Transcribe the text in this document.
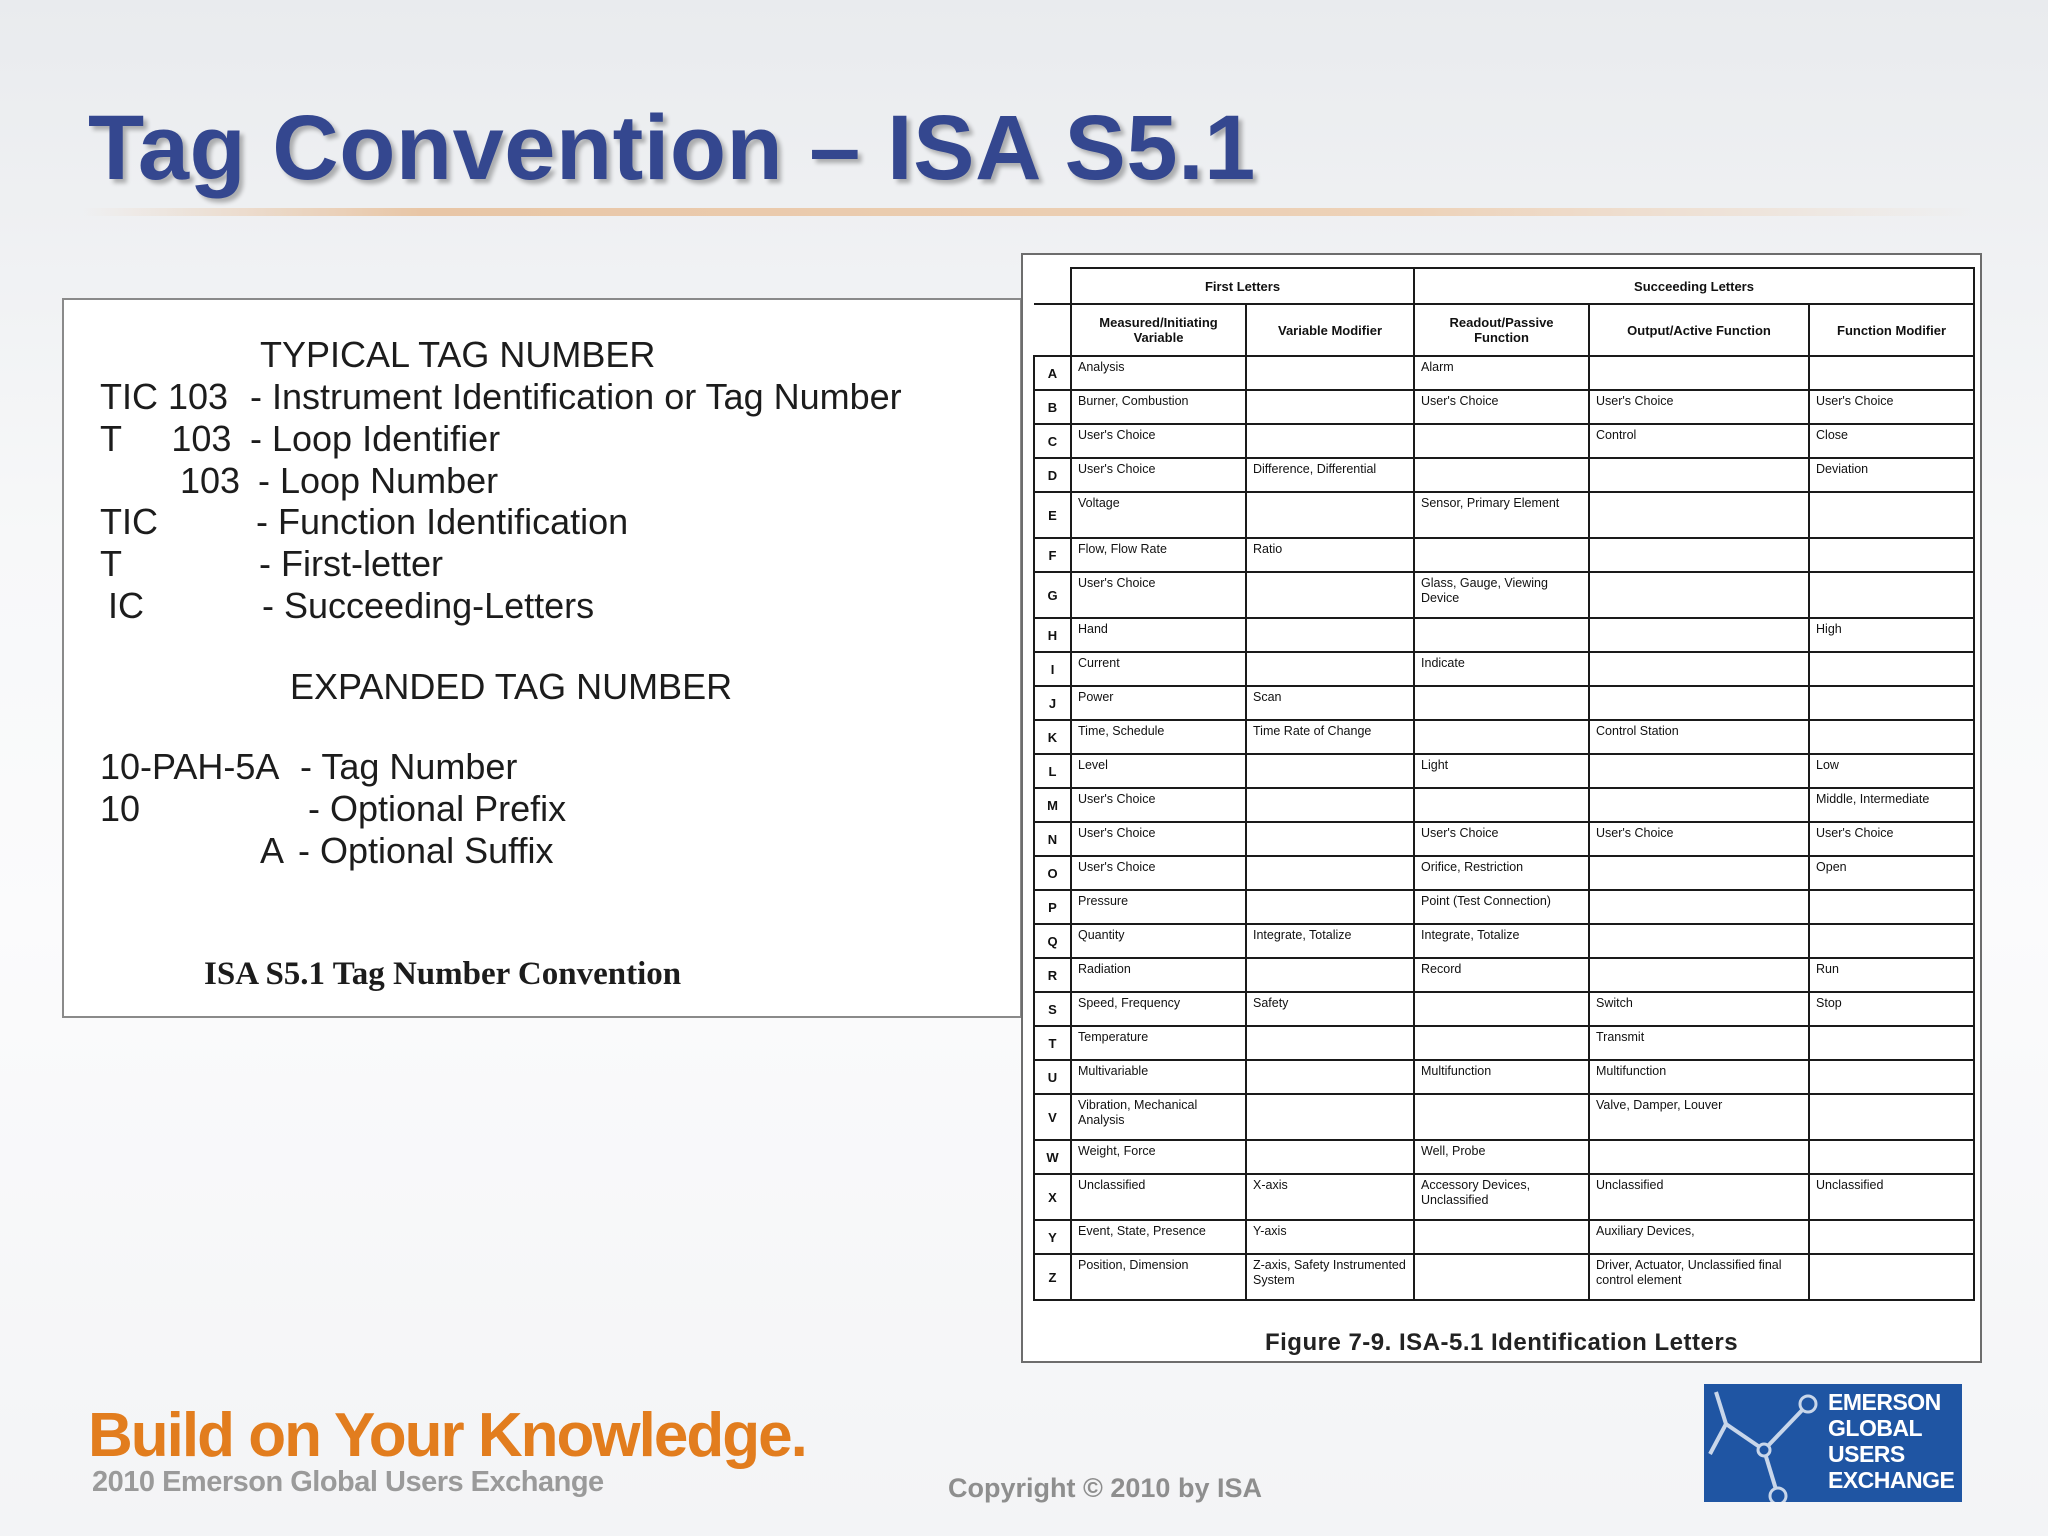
Tag Convention – ISA S5.1
TYPICAL TAG NUMBER
TIC 103 - Instrument Identification or Tag Number
T     103 - Loop Identifier
103 - Loop Number
TIC	- Function Identification
T	- First-letter
IC	- Succeeding-Letters
EXPANDED TAG NUMBER
10-PAH-5A - Tag Number
10	- Optional Prefix
A - Optional Suffix
ISA S5.1 Tag Number Convention
	First Letters		Succeeding Letters		
	Measured/Initiating Variable	Variable Modifier	Readout/Passive Function	Output/Active Function	Function Modifier
A	Analysis		Alarm		
B	Burner, Combustion		User's Choice	User's Choice	User's Choice
C	User's Choice			Control	Close
D	User's Choice	Difference, Differential			Deviation
E	Voltage		Sensor, Primary Element		
F	Flow, Flow Rate	Ratio			
G	User's Choice		Glass, Gauge, Viewing Device		
H	Hand				High
I	Current		Indicate		
J	Power	Scan			
K	Time, Schedule	Time Rate of Change		Control Station	
L	Level		Light		Low
M	User's Choice				Middle, Intermediate
N	User's Choice		User's Choice	User's Choice	User's Choice
O	User's Choice		Orifice, Restriction		Open
P	Pressure		Point (Test Connection)		
Q	Quantity	Integrate, Totalize	Integrate, Totalize		
R	Radiation		Record		Run
S	Speed, Frequency	Safety		Switch	Stop
T	Temperature			Transmit	
U	Multivariable		Multifunction	Multifunction	
V	Vibration, Mechanical Analysis			Valve, Damper, Louver	
W	Weight, Force		Well, Probe		
X	Unclassified	X-axis	Accessory Devices, Unclassified	Unclassified	Unclassified
Y	Event, State, Presence	Y-axis		Auxiliary Devices,	
Z	Position, Dimension	Z-axis, Safety Instrumented System		Driver, Actuator, Unclassified final control element	
Figure 7-9. ISA-5.1 Identification Letters
Build on Your Knowledge.
2010 Emerson Global Users Exchange	Copyright © 2010 by ISA
EMERSON
GLOBAL
USERS
EXCHANGE
